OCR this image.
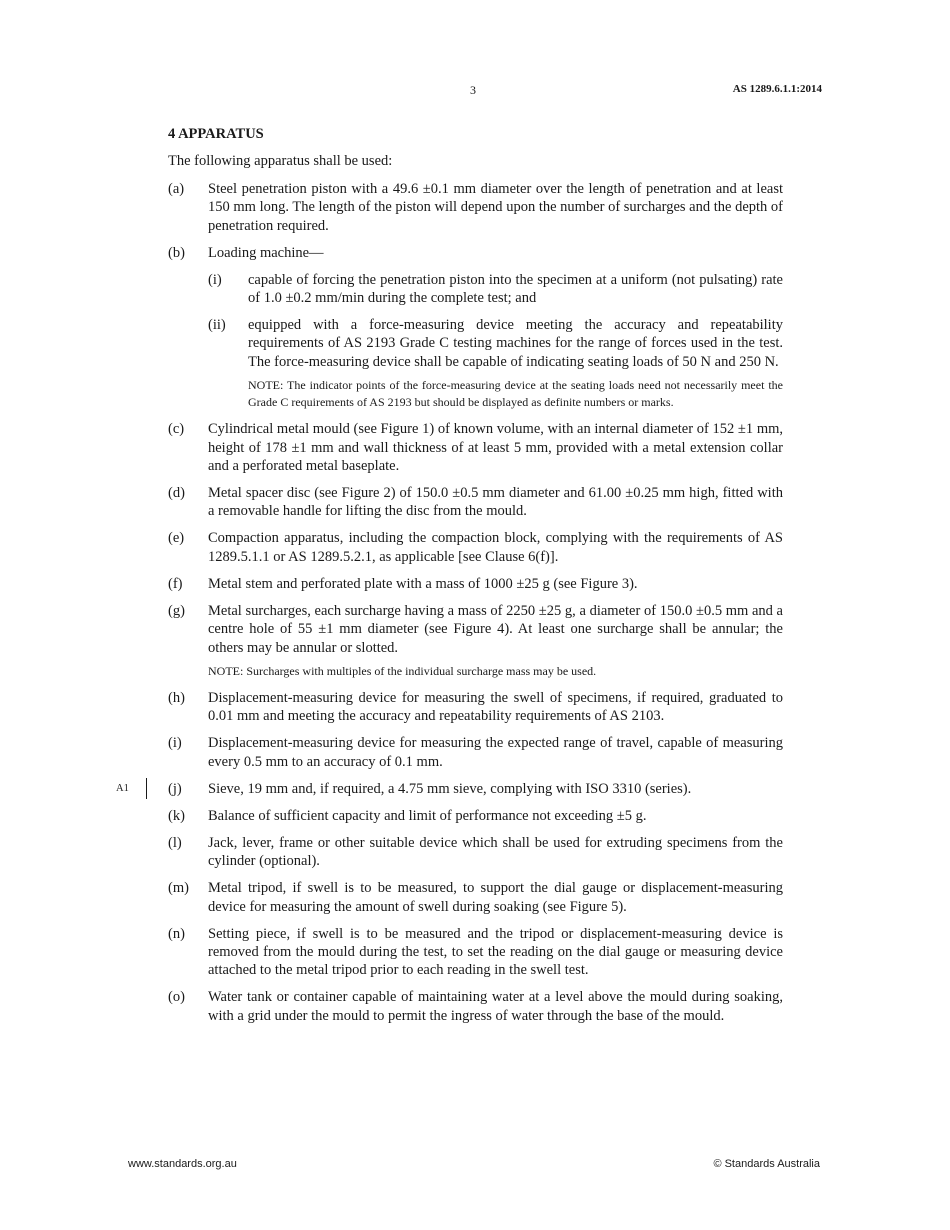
3	AS 1289.6.1.1:2014
4 APPARATUS
The following apparatus shall be used:
(a)	Steel penetration piston with a 49.6 ±0.1 mm diameter over the length of penetration and at least 150 mm long. The length of the piston will depend upon the number of surcharges and the depth of penetration required.

(b)	Loading machine—

(i)	capable of forcing the penetration piston into the specimen at a uniform (not pulsating) rate of 1.0 ±0.2 mm/min during the complete test; and

(ii)	equipped with a force-measuring device meeting the accuracy and repeatability requirements of AS 2193 Grade C testing machines for the range of forces used in the test. The force-measuring device shall be capable of indicating seating loads of 50 N and 250 N.

NOTE: The indicator points of the force-measuring device at the seating loads need not necessarily meet the Grade C requirements of AS 2193 but should be displayed as definite numbers or marks.
(c)	Cylindrical metal mould (see Figure 1) of known volume, with an internal diameter of 152 ±1 mm, height of 178 ±1 mm and wall thickness of at least 5 mm, provided with a metal extension collar and a perforated metal baseplate.

(d)	Metal spacer disc (see Figure 2) of 150.0 ±0.5 mm diameter and 61.00 ±0.25 mm high, fitted with a removable handle for lifting the disc from the mould.

(e)	Compaction apparatus, including the compaction block, complying with the requirements of AS 1289.5.1.1 or AS 1289.5.2.1, as applicable [see Clause 6(f)].

(f)	Metal stem and perforated plate with a mass of 1000 ±25 g (see Figure 3).

(g)	Metal surcharges, each surcharge having a mass of 2250 ±25 g, a diameter of 150.0 ±0.5 mm and a centre hole of 55 ±1 mm diameter (see Figure 4). At least one surcharge shall be annular; the others may be annular or slotted.

NOTE: Surcharges with multiples of the individual surcharge mass may be used.
(h)	Displacement-measuring device for measuring the swell of specimens, if required, graduated to 0.01 mm and meeting the accuracy and repeatability requirements of AS 2103.

(i)	Displacement-measuring device for measuring the expected range of travel, capable of measuring every 0.5 mm to an accuracy of 0.1 mm.

A1	(j)	Sieve, 19 mm and, if required, a 4.75 mm sieve, complying with ISO 3310 (series).

(k)	Balance of sufficient capacity and limit of performance not exceeding ±5 g.

(l)	Jack, lever, frame or other suitable device which shall be used for extruding specimens from the cylinder (optional).

(m)	Metal tripod, if swell is to be measured, to support the dial gauge or displacement-measuring device for measuring the amount of swell during soaking (see Figure 5).

(n)	Setting piece, if swell is to be measured and the tripod or displacement-measuring device is removed from the mould during the test, to set the reading on the dial gauge or measuring device attached to the metal tripod prior to each reading in the swell test.

(o)	Water tank or container capable of maintaining water at a level above the mould during soaking, with a grid under the mould to permit the ingress of water through the base of the mould.

www.standards.org.au	© Standards Australia
